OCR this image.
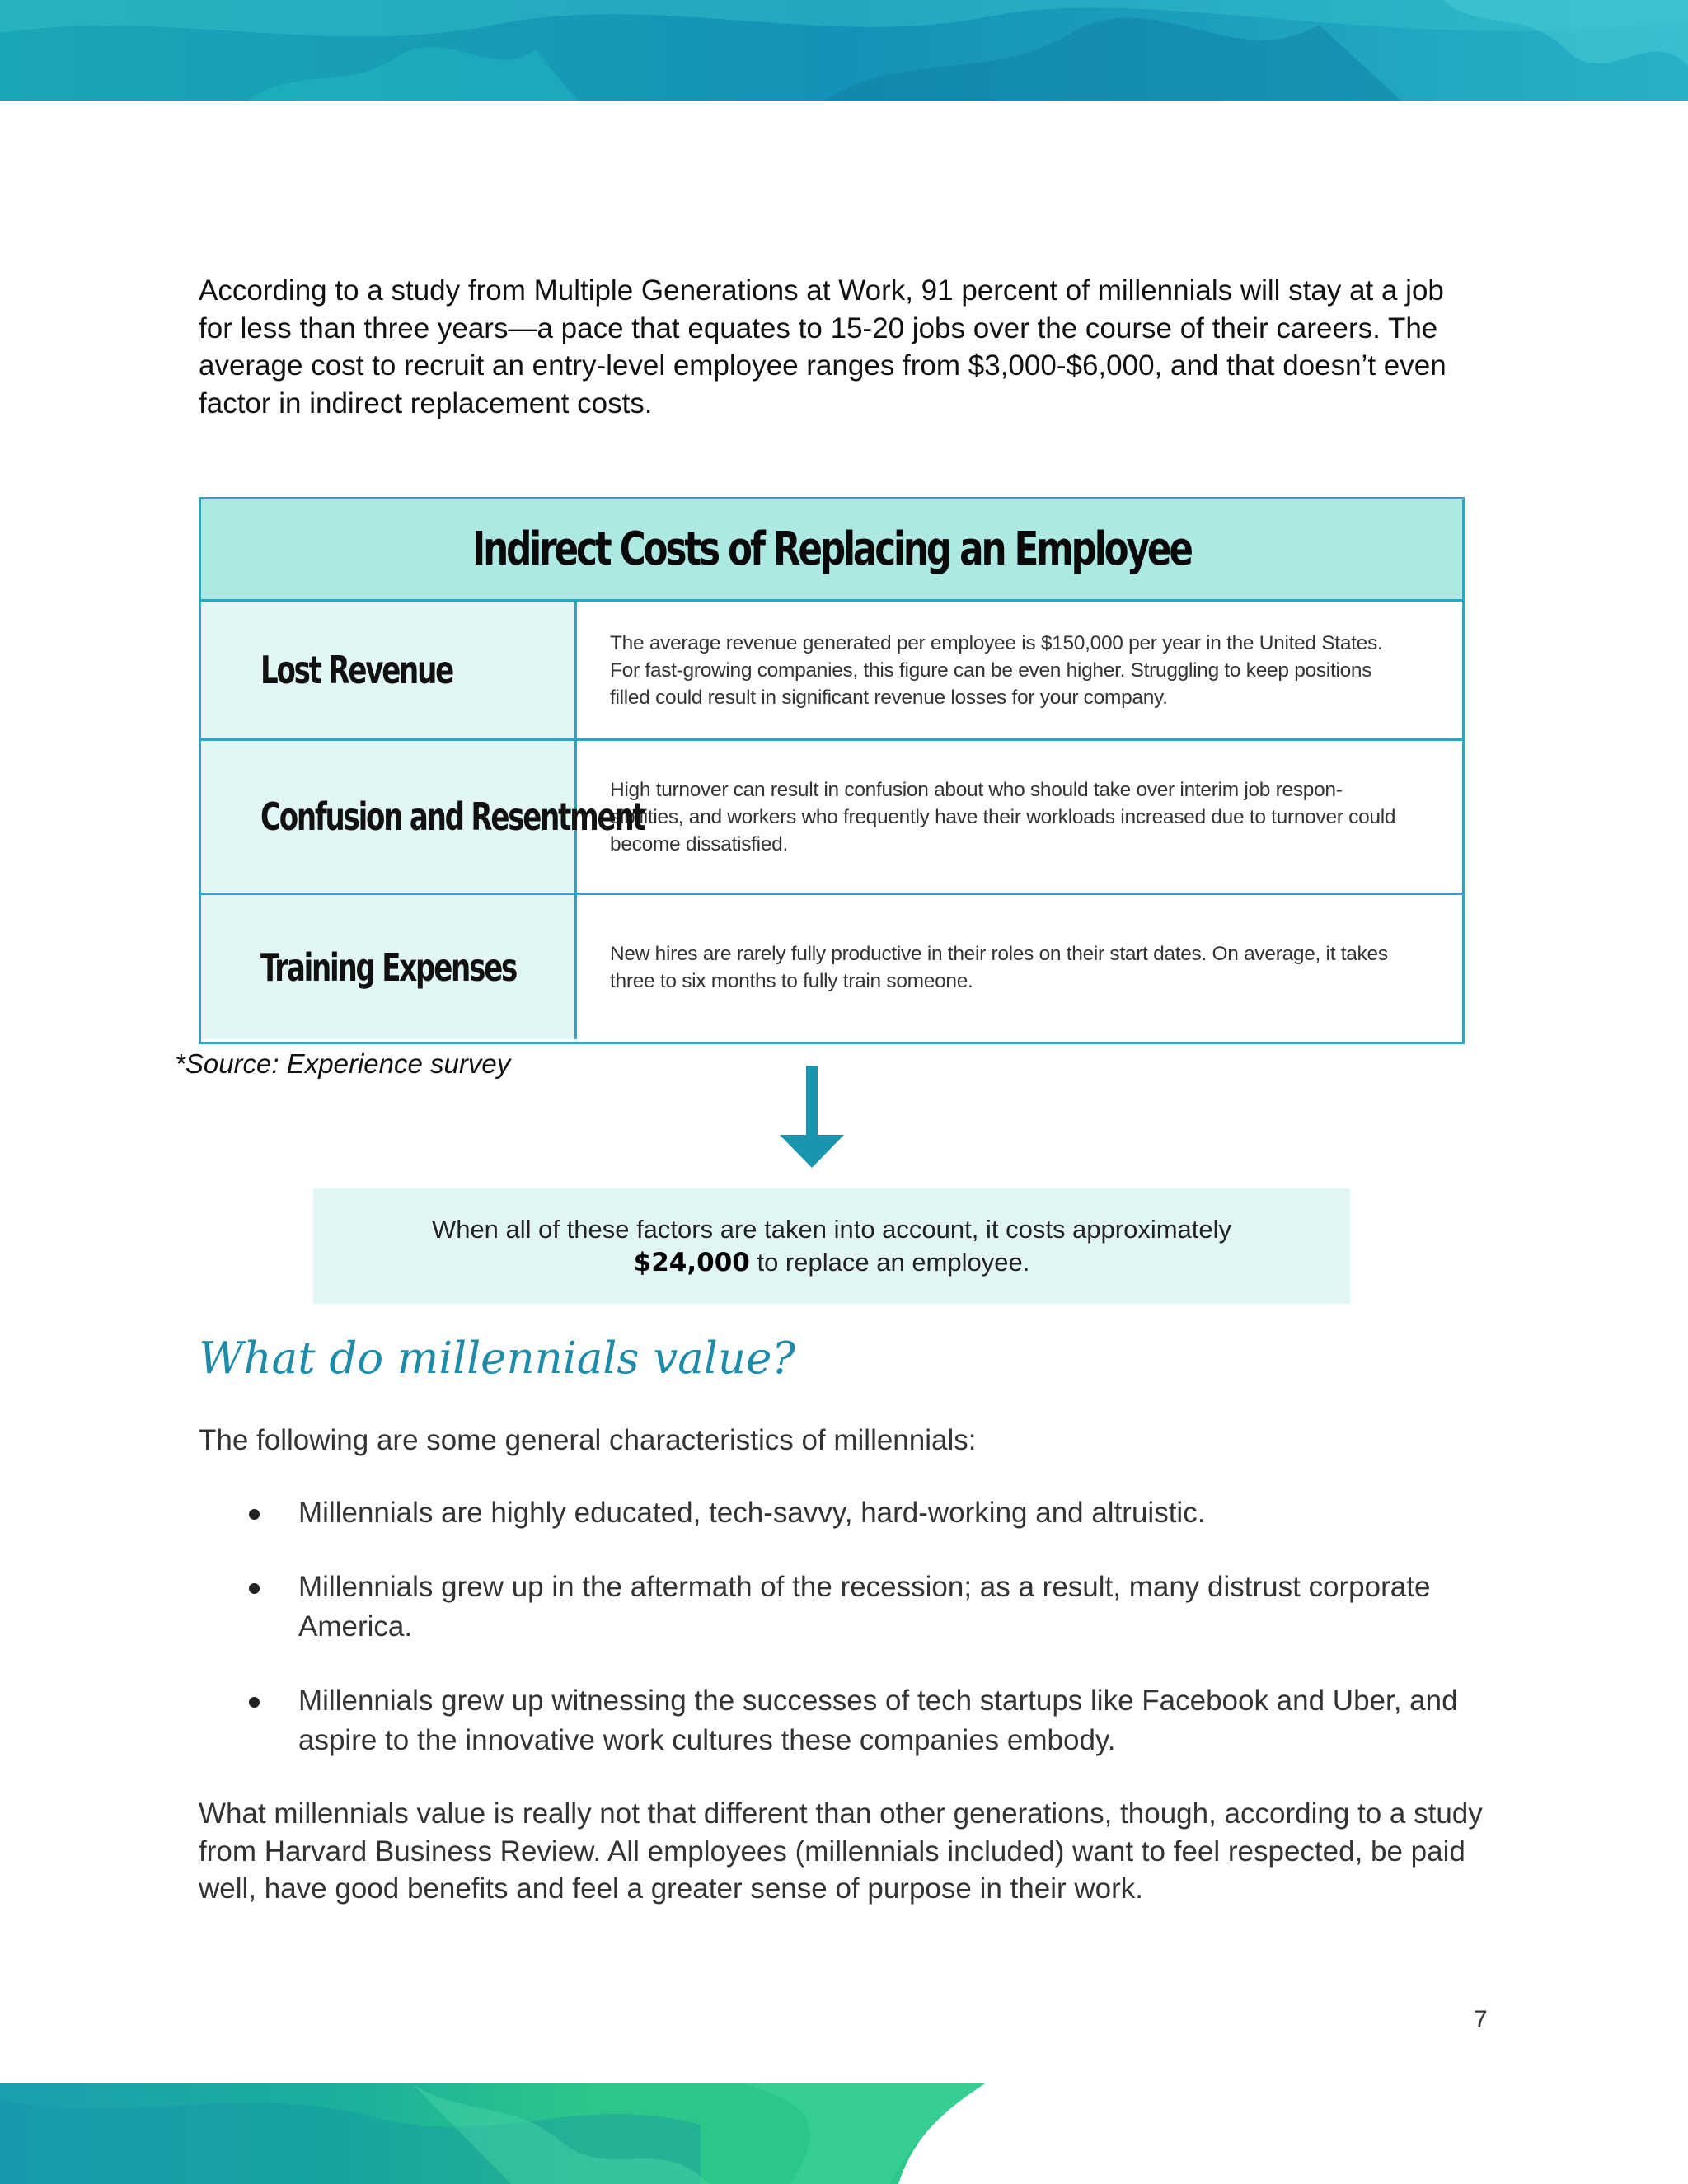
According to a study from Multiple Generations at Work, 91 percent of millennials will stay at a job for less than three years—a pace that equates to 15-20 jobs over the course of their careers. The average cost to recruit an entry-level employee ranges from $3,000-$6,000, and that doesn’t even factor in indirect replacement costs.
Indirect Costs of Replacing an Employee
Lost Revenue
The average revenue generated per employee is $150,000 per year in the United States. For fast-growing companies, this figure can be even higher. Struggling to keep positions filled could result in significant revenue losses for your company.
Confusion and Resentment
High turnover can result in confusion about who should take over interim job respon-sibilities, and workers who frequently have their workloads increased due to turnover could become dissatisfied.
Training Expenses	New hires are rarely fully productive in their roles on their start dates. On average, it takes three to six months to fully train someone.
*Source: Experience survey
When all of these factors are taken into account, it costs approximately
$24,000 to replace an employee.
What do millennials value?
The following are some general characteristics of millennials:
Millennials are highly educated, tech-savvy, hard-working and altruistic.
Millennials grew up in the aftermath of the recession; as a result, many distrust corporate America.
Millennials grew up witnessing the successes of tech startups like Facebook and Uber, and aspire to the innovative work cultures these companies embody.
What millennials value is really not that different than other generations, though, according to a study from Harvard Business Review. All employees (millennials included) want to feel respected, be paid well, have good benefits and feel a greater sense of purpose in their work.
7
